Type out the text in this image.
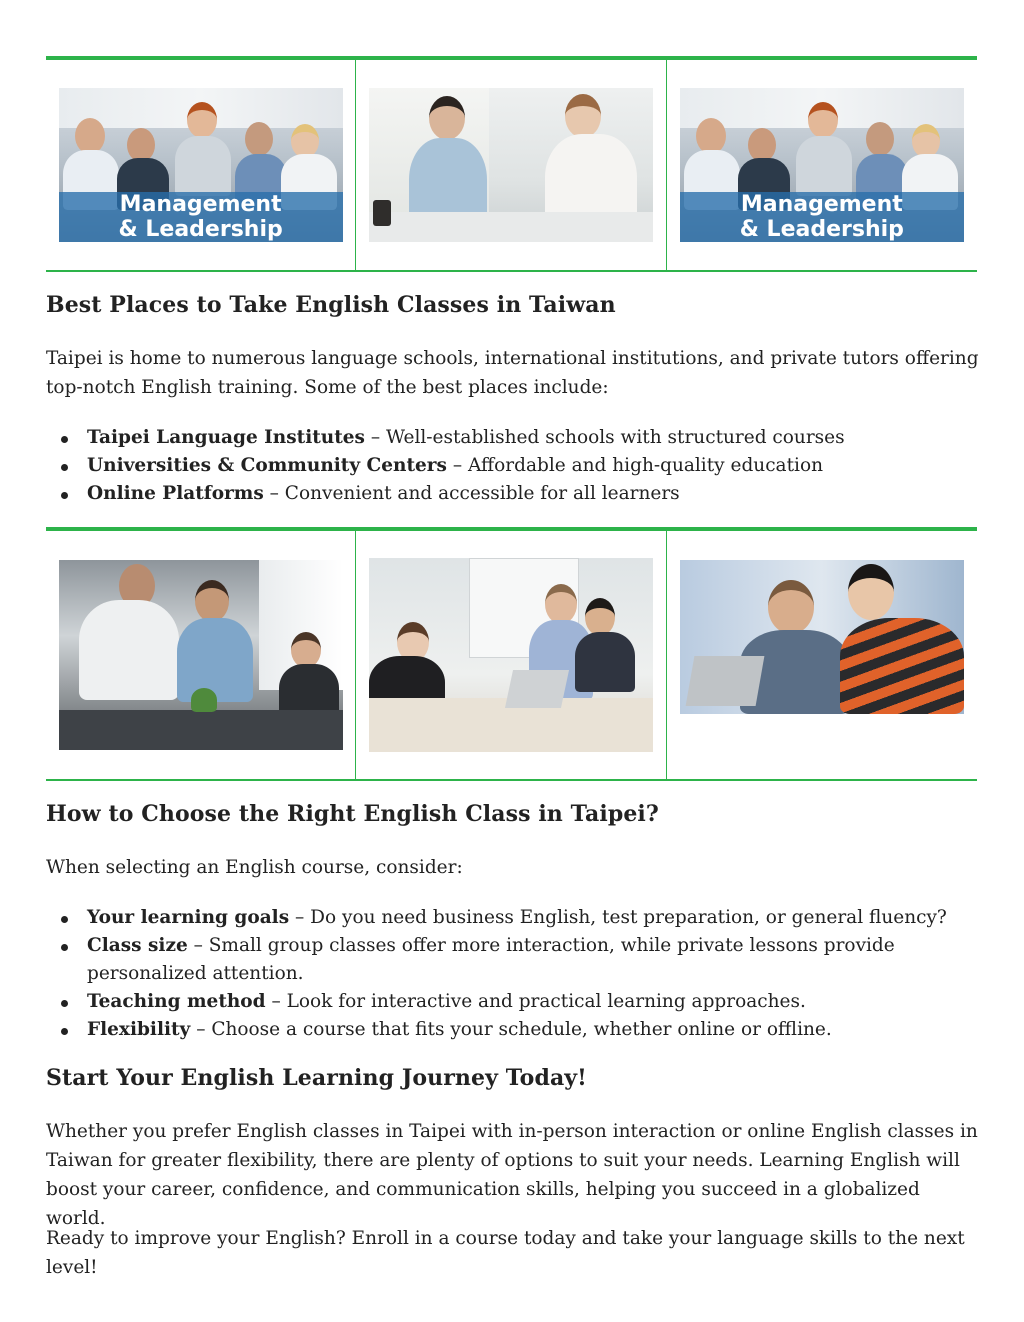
Management
& Leadership
Management
& Leadership
Best Places to Take English Classes in Taiwan

Taipei is home to numerous language schools, international institutions, and private tutors offering top-notch English training. Some of the best places include:

Taipei Language Institutes – Well-established schools with structured courses
Universities & Community Centers – Affordable and high-quality education
Online Platforms – Convenient and accessible for all learners
How to Choose the Right English Class in Taipei?

When selecting an English course, consider:

Your learning goals – Do you need business English, test preparation, or general fluency?
Class size – Small group classes offer more interaction, while private lessons provide personalized attention.
Teaching method – Look for interactive and practical learning approaches.
Flexibility – Choose a course that fits your schedule, whether online or offline.
Start Your English Learning Journey Today!

Whether you prefer English classes in Taipei with in-person interaction or online English classes in Taiwan for greater flexibility, there are plenty of options to suit your needs. Learning English will boost your career, confidence, and communication skills, helping you succeed in a globalized world.

Ready to improve your English? Enroll in a course today and take your language skills to the next level!
